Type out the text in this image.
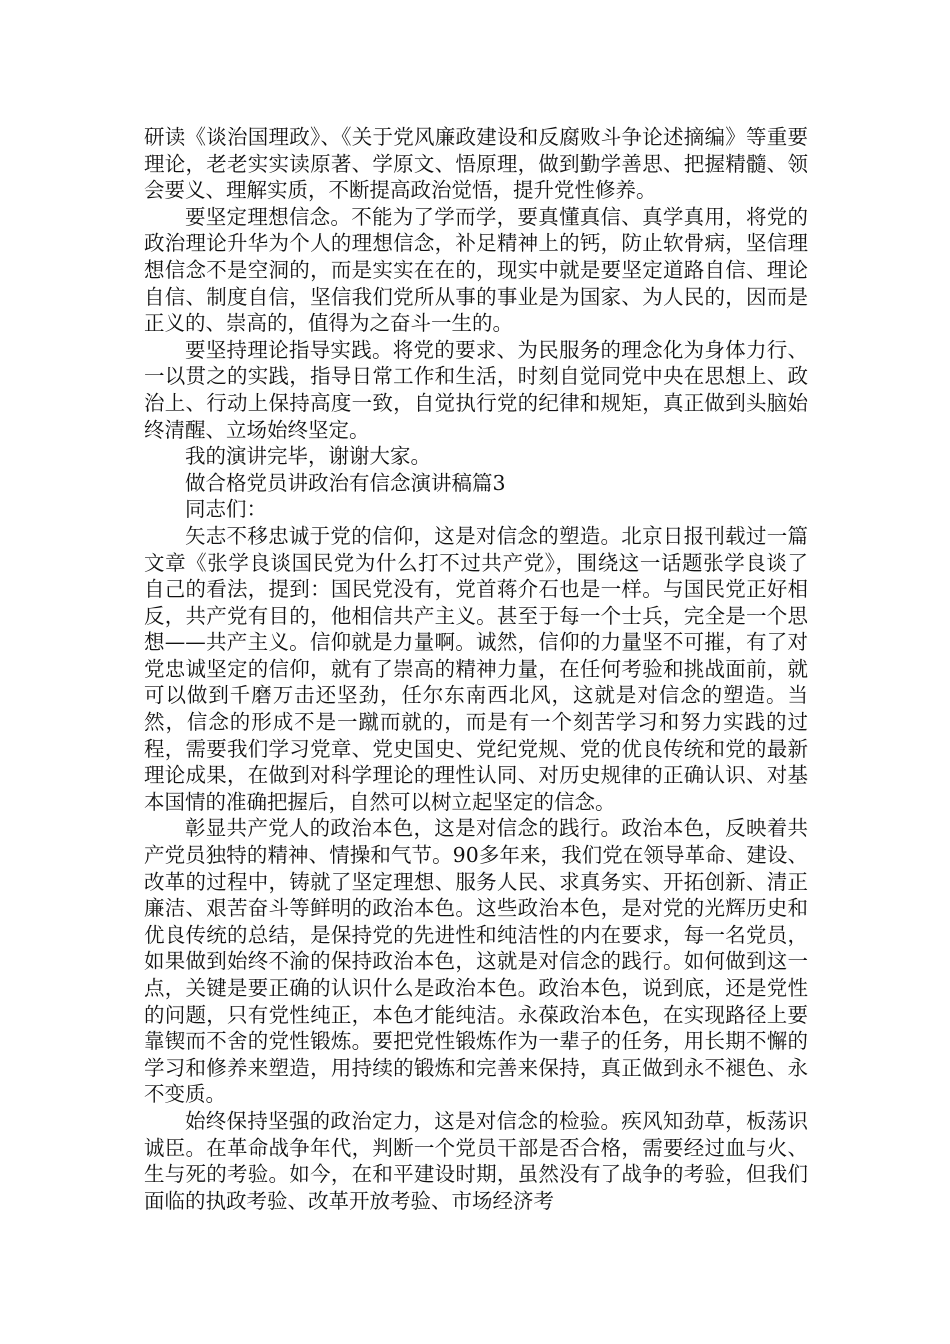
研读《谈治国理政》、《关于党风廉政建设和反腐败斗争论述摘编》等重要理论，老老实实读原著、学原文、悟原理，做到勤学善思、把握精髓、领会要义、理解实质，不断提高政治觉悟，提升党性修养。

要坚定理想信念。不能为了学而学，要真懂真信、真学真用，将党的政治理论升华为个人的理想信念，补足精神上的钙，防止软骨病，坚信理想信念不是空洞的，而是实实在在的，现实中就是要坚定道路自信、理论自信、制度自信，坚信我们党所从事的事业是为国家、为人民的，因而是正义的、崇高的，值得为之奋斗一生的。

要坚持理论指导实践。将党的要求、为民服务的理念化为身体力行、一以贯之的实践，指导日常工作和生活，时刻自觉同党中央在思想上、政治上、行动上保持高度一致，自觉执行党的纪律和规矩，真正做到头脑始终清醒、立场始终坚定。

我的演讲完毕，谢谢大家。

做合格党员讲政治有信念演讲稿篇3

同志们：

矢志不移忠诚于党的信仰，这是对信念的塑造。北京日报刊载过一篇文章《张学良谈国民党为什么打不过共产党》，围绕这一话题张学良谈了自己的看法，提到：国民党没有，党首蒋介石也是一样。与国民党正好相反，共产党有目的，他相信共产主义。甚至于每一个士兵，完全是一个思想——共产主义。信仰就是力量啊。诚然，信仰的力量坚不可摧，有了对党忠诚坚定的信仰，就有了崇高的精神力量，在任何考验和挑战面前，就可以做到千磨万击还坚劲，任尔东南西北风，这就是对信念的塑造。当然，信念的形成不是一蹴而就的，而是有一个刻苦学习和努力实践的过程，需要我们学习党章、党史国史、党纪党规、党的优良传统和党的最新理论成果，在做到对科学理论的理性认同、对历史规律的正确认识、对基本国情的准确把握后，自然可以树立起坚定的信念。

彰显共产党人的政治本色，这是对信念的践行。政治本色，反映着共产党员独特的精神、情操和气节。90多年来，我们党在领导革命、建设、改革的过程中，铸就了坚定理想、服务人民、求真务实、开拓创新、清正廉洁、艰苦奋斗等鲜明的政治本色。这些政治本色，是对党的光辉历史和优良传统的总结，是保持党的先进性和纯洁性的内在要求，每一名党员，如果做到始终不渝的保持政治本色，这就是对信念的践行。如何做到这一点，关键是要正确的认识什么是政治本色。政治本色，说到底，还是党性的问题，只有党性纯正，本色才能纯洁。永葆政治本色，在实现路径上要靠锲而不舍的党性锻炼。要把党性锻炼作为一辈子的任务，用长期不懈的学习和修养来塑造，用持续的锻炼和完善来保持，真正做到永不褪色、永不变质。

始终保持坚强的政治定力，这是对信念的检验。疾风知劲草，板荡识诚臣。在革命战争年代，判断一个党员干部是否合格，需要经过血与火、生与死的考验。如今，在和平建设时期，虽然没有了战争的考验，但我们面临的执政考验、改革开放考验、市场经济考
